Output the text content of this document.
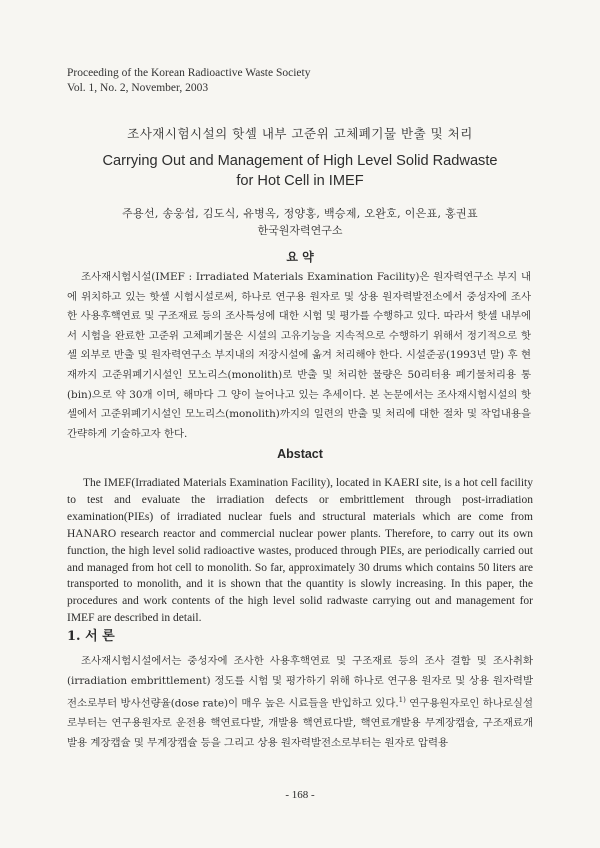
Proceeding of the Korean Radioactive Waste Society
Vol. 1, No. 2, November, 2003
조사재시험시설의 핫셀 내부 고준위 고체폐기물 반출 및 처리
Carrying Out and Management of High Level Solid Radwaste
for Hot Cell in IMEF
주용선, 송웅섭, 김도식, 유병옥, 정양홍, 백승제, 오완호, 이은표, 홍권표
한국원자력연구소
요 약
조사재시험시설(IMEF : Irradiated Materials Examination Facility)은 원자력연구소 부지 내에 위치하고 있는 핫셀 시험시설로써, 하나로 연구용 원자로 및 상용 원자력발전소에서 중성자에 조사한 사용후핵연료 및 구조재료 등의 조사특성에 대한 시험 및 평가를 수행하고 있다. 따라서 핫셀 내부에서 시험을 완료한 고준위 고체폐기물은 시설의 고유기능을 지속적으로 수행하기 위해서 정기적으로 핫셀 외부로 반출 및 원자력연구소 부지내의 저장시설에 옮겨 처리해야 한다. 시설준공(1993년 말) 후 현재까지 고준위폐기시설인 모노리스(monolith)로 반출 및 처리한 물량은 50리터용 폐기물처리용 통(bin)으로 약 30개 이며, 해마다 그 양이 늘어나고 있는 추세이다. 본 논문에서는 조사재시험시설의 핫셀에서 고준위폐기시설인 모노리스(monolith)까지의 일련의 반출 및 처리에 대한 절차 및 작업내용을 간략하게 기술하고자 한다.
Abstact
The IMEF(Irradiated Materials Examination Facility), located in KAERI site, is a hot cell facility to test and evaluate the irradiation defects or embrittlement through post-irradiation examination(PIEs) of irradiated nuclear fuels and structural materials which are come from HANARO research reactor and commercial nuclear power plants. Therefore, to carry out its own function, the high level solid radioactive wastes, produced through PIEs, are periodically carried out and managed from hot cell to monolith. So far, approximately 30 drums which contains 50 liters are transported to monolith, and it is shown that the quantity is slowly increasing. In this paper, the procedures and work contents of the high level solid radwaste carrying out and management for IMEF are described in detail.
1. 서 론
조사재시험시설에서는 중성자에 조사한 사용후핵연료 및 구조재료 등의 조사 결함 및 조사취화(irradiation embrittlement) 정도를 시험 및 평가하기 위해 하나로 연구용 원자로 및 상용 원자력발전소로부터 방사선량율(dose rate)이 매우 높은 시료들을 반입하고 있다.$^{1)}$ 연구용원자로인 하나로실설로부터는 연구용원자로 운전용 핵연료다발, 개발용 핵연료다발, 핵연료개발용 무계장캡슐, 구조재료개발용 계장캡슐 및 무계장캡슐 등을 그리고 상용 원자력발전소로부터는 원자로 압력용
- 168 -
